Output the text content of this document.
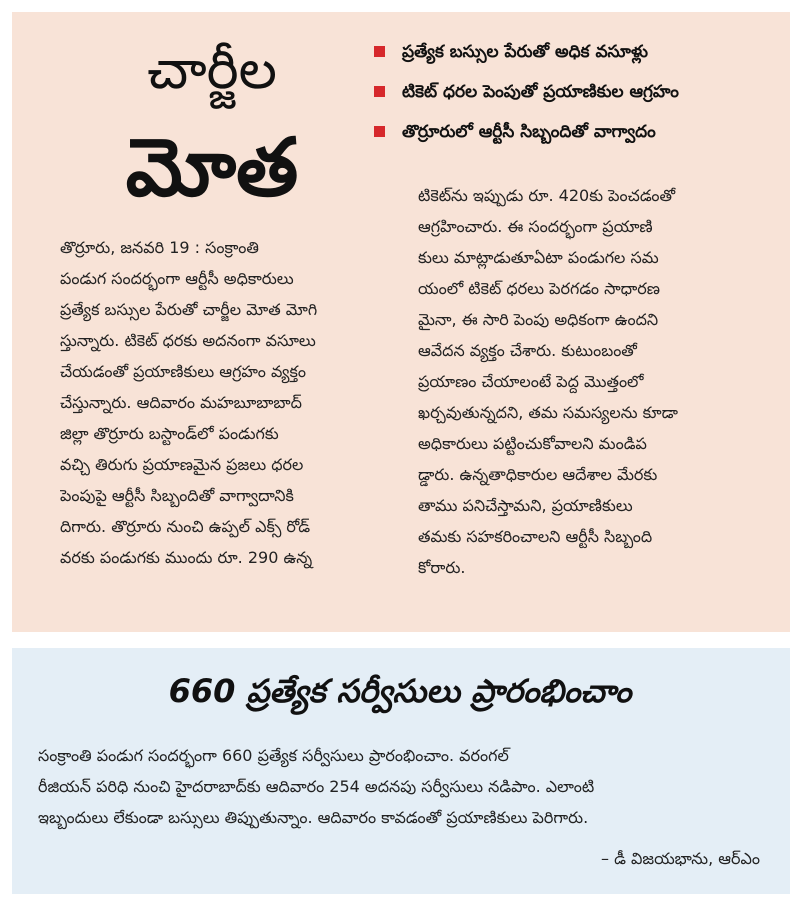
చార్జీల
మోత
ప్రత్యేక బస్సుల పేరుతో అధిక వసూళ్లు
టికెట్ ధరల పెంపుతో ప్రయాణికుల ఆగ్రహం
తొర్రూరులో ఆర్టీసీ సిబ్బందితో వాగ్వాదం
తొర్రూరు, జనవరి 19 : సంక్రాంతి
పండుగ సందర్భంగా ఆర్టీసీ అధికారులు
ప్రత్యేక బస్సుల పేరుతో చార్జీల మోత మోగి
స్తున్నారు. టికెట్ ధరకు అదనంగా వసూలు
చేయడంతో ప్రయాణికులు ఆగ్రహం వ్యక్తం
చేస్తున్నారు. ఆదివారం మహబూబాబాద్
జిల్లా తొర్రూరు బస్టాండ్‌లో పండుగకు
వచ్చి తిరుగు ప్రయాణమైన ప్రజలు ధరల
పెంపుపై ఆర్టీసీ సిబ్బందితో వాగ్వాదానికి
దిగారు. తొర్రూరు నుంచి ఉప్పల్ ఎక్స్ రోడ్
వరకు పండుగకు ముందు రూ. 290 ఉన్న
టికెట్‌ను ఇప్పుడు రూ. 420కు పెంచడంతో
ఆగ్రహించారు. ఈ సందర్భంగా ప్రయాణి
కులు మాట్లాడుతూఏటా పండుగల సమ
యంలో టికెట్ ధరలు పెరగడం సాధారణ
మైనా, ఈ సారి పెంపు అధికంగా ఉందని
ఆవేదన వ్యక్తం చేశారు. కుటుంబంతో
ప్రయాణం చేయాలంటే పెద్ద మొత్తంలో
ఖర్చవుతున్నదని, తమ సమస్యలను కూడా
అధికారులు పట్టించుకోవాలని మండిప
డ్డారు. ఉన్నతాధికారుల ఆదేశాల మేరకు
తాము పనిచేస్తామని, ప్రయాణికులు
తమకు సహకరించాలని ఆర్టీసీ సిబ్బంది
కోరారు.
660 ప్రత్యేక సర్వీసులు ప్రారంభించాం
సంక్రాంతి పండుగ సందర్భంగా 660 ప్రత్యేక సర్వీసులు ప్రారంభించాం. వరంగల్
రీజియన్ పరిధి నుంచి హైదరాబాద్‌కు ఆదివారం 254 అదనపు సర్వీసులు నడిపాం. ఎలాంటి
ఇబ్బందులు లేకుండా బస్సులు తిప్పుతున్నాం. ఆదివారం కావడంతో ప్రయాణికులు పెరిగారు.
– డీ విజయభాను, ఆర్‌ఎం
